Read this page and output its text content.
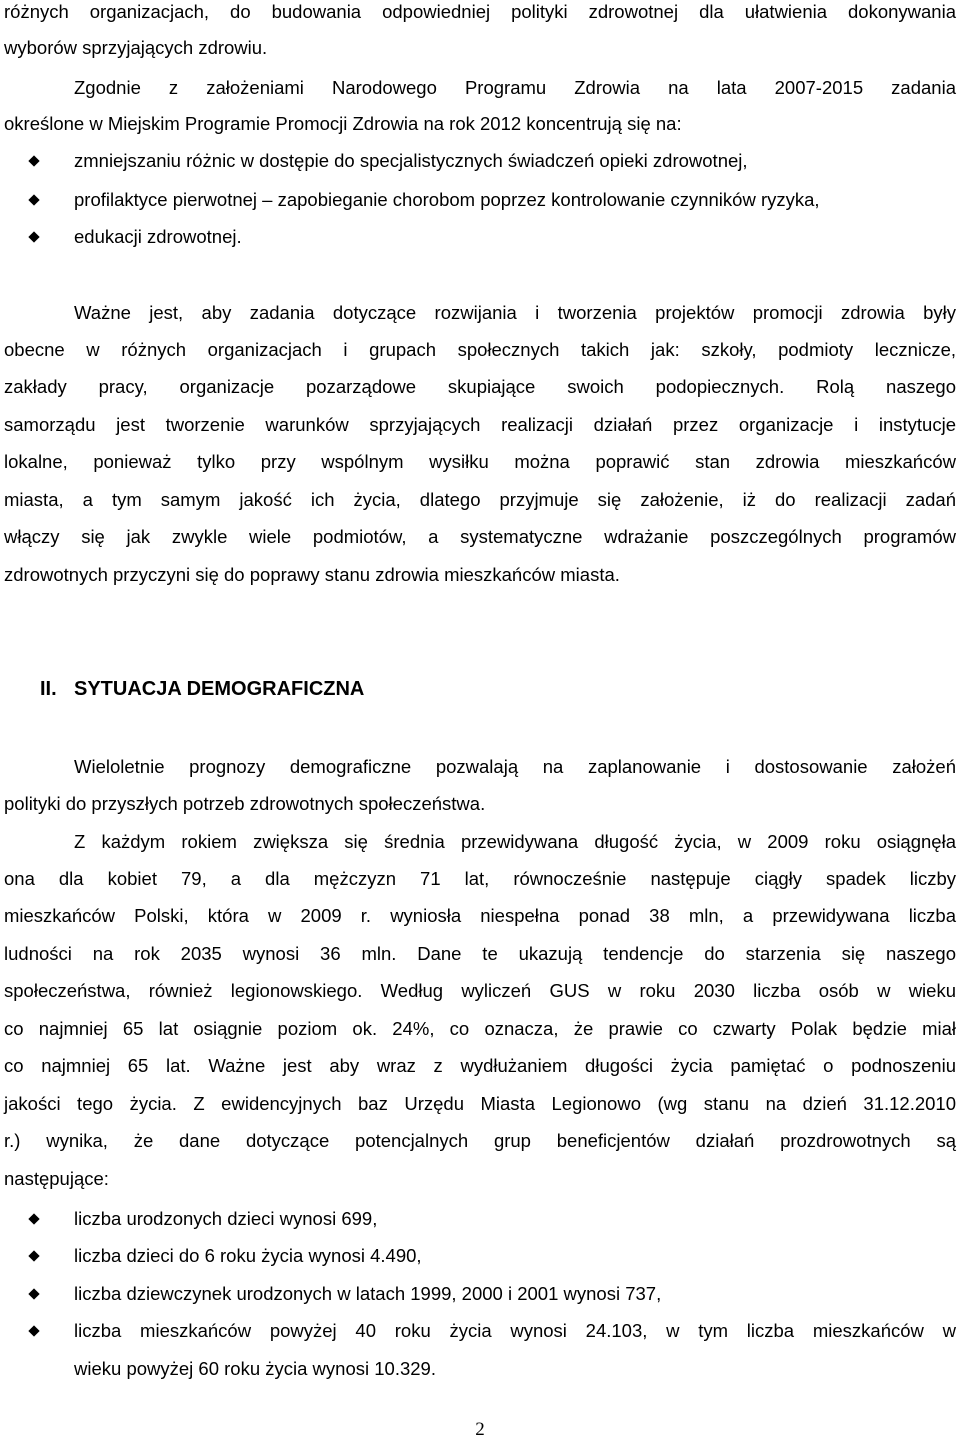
różnych organizacjach, do budowania odpowiedniej polityki zdrowotnej dla ułatwienia dokonywania
wyborów sprzyjających zdrowiu.
Zgodnie z założeniami Narodowego Programu Zdrowia na lata 2007-2015 zadania
określone w Miejskim Programie Promocji Zdrowia na rok 2012 koncentrują się na:
zmniejszaniu różnic w dostępie do specjalistycznych świadczeń opieki zdrowotnej,
profilaktyce pierwotnej – zapobieganie chorobom poprzez kontrolowanie czynników ryzyka,
edukacji zdrowotnej.
Ważne jest, aby zadania dotyczące rozwijania i tworzenia projektów promocji zdrowia były
obecne w różnych organizacjach i grupach społecznych takich jak: szkoły, podmioty lecznicze,
zakłady pracy, organizacje pozarządowe skupiające swoich podopiecznych. Rolą naszego
samorządu jest tworzenie warunków sprzyjających realizacji działań przez organizacje i instytucje
lokalne, ponieważ tylko przy wspólnym wysiłku można poprawić stan zdrowia mieszkańców
miasta, a tym samym jakość ich życia, dlatego przyjmuje się założenie, iż do realizacji zadań
włączy się jak zwykle wiele podmiotów, a systematyczne wdrażanie poszczególnych programów
zdrowotnych przyczyni się do poprawy stanu zdrowia mieszkańców miasta.
II. SYTUACJA DEMOGRAFICZNA
Wieloletnie prognozy demograficzne pozwalają na zaplanowanie i dostosowanie założeń
polityki do przyszłych potrzeb zdrowotnych społeczeństwa.
Z każdym rokiem zwiększa się średnia przewidywana długość życia, w 2009 roku osiągnęła
ona dla kobiet 79, a dla mężczyzn 71 lat, równocześnie następuje ciągły spadek liczby
mieszkańców Polski, która w 2009 r. wyniosła niespełna ponad 38 mln, a przewidywana liczba
ludności na rok 2035 wynosi 36 mln. Dane te ukazują tendencje do starzenia się naszego
społeczeństwa, również legionowskiego. Według wyliczeń GUS w roku 2030 liczba osób w wieku
co najmniej 65 lat osiągnie poziom ok. 24%, co oznacza, że prawie co czwarty Polak będzie miał
co najmniej 65 lat. Ważne jest aby wraz z wydłużaniem długości życia pamiętać o podnoszeniu
jakości tego życia. Z ewidencyjnych baz Urzędu Miasta Legionowo (wg stanu na dzień 31.12.2010
r.) wynika, że dane dotyczące potencjalnych grup beneficjentów działań prozdrowotnych są
następujące:
liczba urodzonych dzieci wynosi 699,
liczba dzieci do 6 roku życia wynosi 4.490,
liczba dziewczynek urodzonych w latach 1999, 2000 i 2001 wynosi 737,
liczba mieszkańców powyżej 40 roku życia wynosi 24.103, w tym liczba mieszkańców w
wieku powyżej 60 roku życia wynosi 10.329.
2
